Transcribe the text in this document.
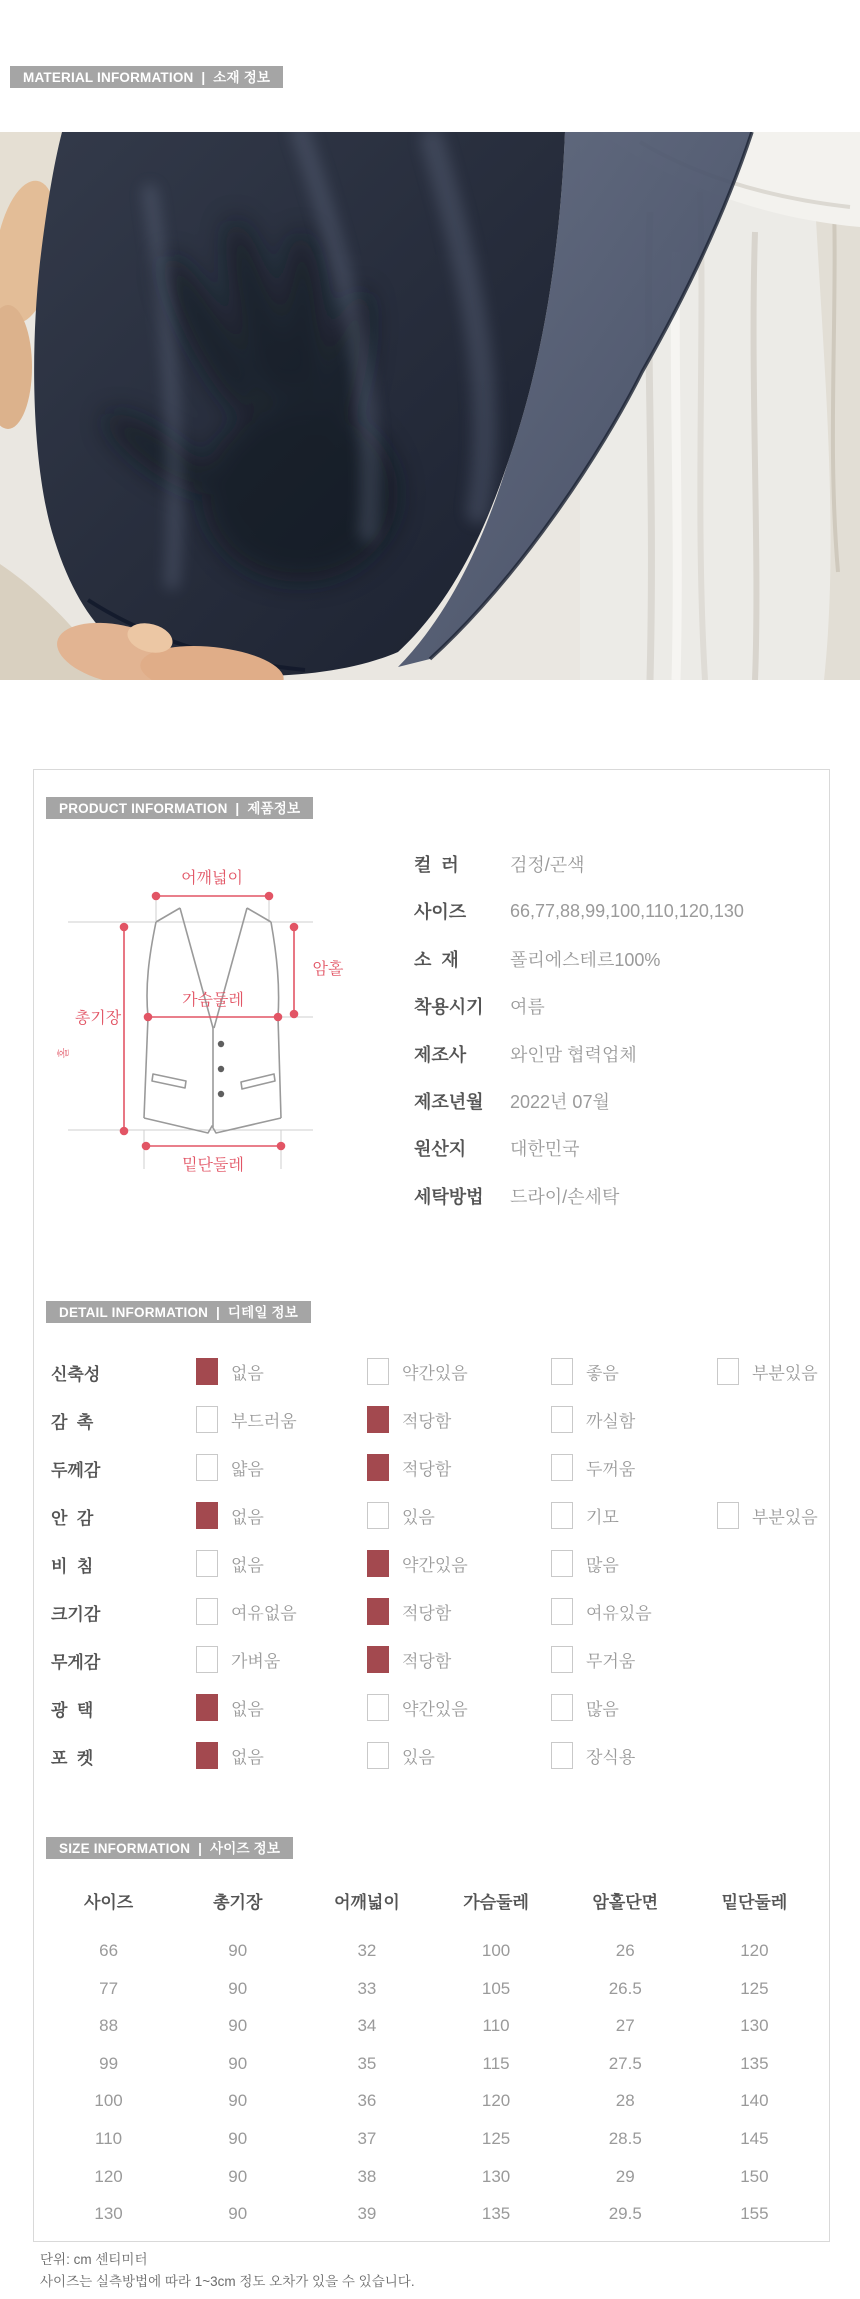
MATERIAL INFORMATION  |  소재 정보
PRODUCT INFORMATION  |  제품정보
어깨넓이
총기장
암홀
가슴둘레
밑단둘레
홀
컬  러	검정/곤색
사이즈	66,77,88,99,100,110,120,130
소  재	폴리에스테르100%
착용시기	여름
제조사	와인맘 협력업체
제조년월	2022년 07월
원산지	대한민국
세탁방법	드라이/손세탁
DETAIL INFORMATION  |  디테일 정보
신축성	없음	약간있음	좋음	부분있음
감  촉	부드러움	적당함	까실함
두께감	얇음	적당함	두꺼움
안  감	없음	있음	기모	부분있음
비  침	없음	약간있음	많음
크기감	여유없음	적당함	여유있음
무게감	가벼움	적당함	무거움
광  택	없음	약간있음	많음
포  켓	없음	있음	장식용
SIZE INFORMATION  |  사이즈 정보
사이즈	총기장	어깨넓이	가슴둘레	암홀단면	밑단둘레
66	90	32	100	26	120
77	90	33	105	26.5	125
88	90	34	110	27	130
99	90	35	115	27.5	135
100	90	36	120	28	140
110	90	37	125	28.5	145
120	90	38	130	29	150
130	90	39	135	29.5	155
단위: cm 센티미터
사이즈는 실측방법에 따라 1~3cm 정도 오차가 있을 수 있습니다.
